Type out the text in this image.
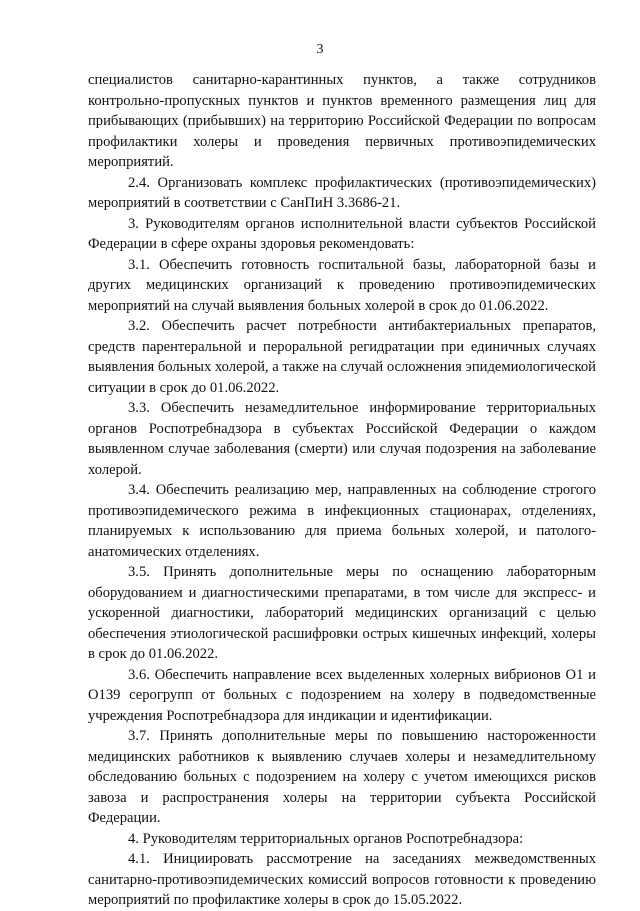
3

специалистов санитарно-карантинных пунктов, а также сотрудников контрольно-пропускных пунктов и пунктов временного размещения лиц для прибывающих (прибывших) на территорию Российской Федерации по вопросам профилактики холеры и проведения первичных противоэпидемических мероприятий.

2.4. Организовать комплекс профилактических (противоэпидемических) мероприятий в соответствии с СанПиН 3.3686-21.

3. Руководителям органов исполнительной власти субъектов Российской Федерации в сфере охраны здоровья рекомендовать:

3.1. Обеспечить готовность госпитальной базы, лабораторной базы и других медицинских организаций к проведению противоэпидемических мероприятий на случай выявления больных холерой в срок до 01.06.2022.

3.2. Обеспечить расчет потребности антибактериальных препаратов, средств парентеральной и пероральной регидратации при единичных случаях выявления больных холерой, а также на случай осложнения эпидемиологической ситуации в срок до 01.06.2022.

3.3. Обеспечить незамедлительное информирование территориальных органов Роспотребнадзора в субъектах Российской Федерации о каждом выявленном случае заболевания (смерти) или случая подозрения на заболевание холерой.

3.4. Обеспечить реализацию мер, направленных на соблюдение строгого противоэпидемического режима в инфекционных стационарах, отделениях, планируемых к использованию для приема больных холерой, и патолого-анатомических отделениях.

3.5. Принять дополнительные меры по оснащению лабораторным оборудованием и диагностическими препаратами, в том числе для экспресс- и ускоренной диагностики, лабораторий медицинских организаций с целью обеспечения этиологической расшифровки острых кишечных инфекций, холеры в срок до 01.06.2022.

3.6. Обеспечить направление всех выделенных холерных вибрионов О1 и О139 серогрупп от больных с подозрением на холеру в подведомственные учреждения Роспотребнадзора для индикации и идентификации.

3.7. Принять дополнительные меры по повышению настороженности медицинских работников к выявлению случаев холеры и незамедлительному обследованию больных с подозрением на холеру с учетом имеющихся рисков завоза и распространения холеры на территории субъекта Российской Федерации.

4. Руководителям территориальных органов Роспотребнадзора:

4.1. Инициировать рассмотрение на заседаниях межведомственных санитарно-противоэпидемических комиссий вопросов готовности к проведению мероприятий по профилактике холеры в срок до 15.05.2022.
